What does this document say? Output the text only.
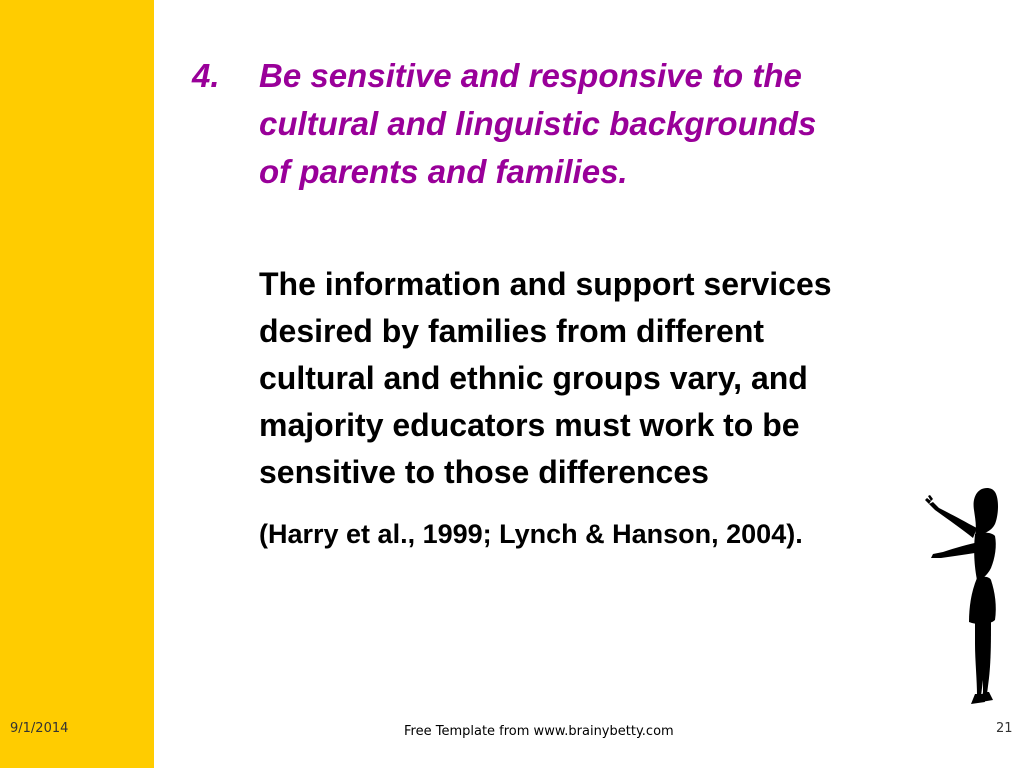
4. Be sensitive and responsive to the
cultural and linguistic backgrounds
of parents and families.
The information and support services
desired by families from different
cultural and ethnic groups vary, and
majority educators must work to be
sensitive to those differences
(Harry et al., 1999; Lynch & Hanson, 2004).
9/1/2014	Free Template from www.brainybetty.com	21
